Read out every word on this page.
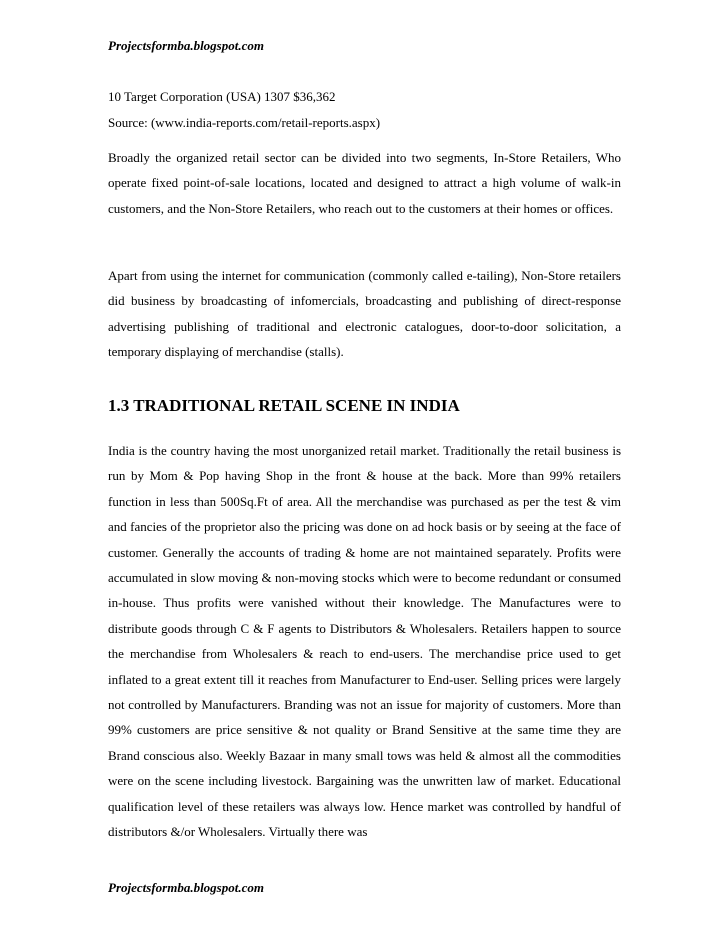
Projectsformba.blogspot.com
10 Target Corporation (USA) 1307 $36,362
Source: (www.india-reports.com/retail-reports.aspx)

Broadly the organized retail sector can be divided into two segments, In-Store Retailers, Who operate fixed point-of-sale locations, located and designed to attract a high volume of walk-in customers, and the Non-Store Retailers, who reach out to the customers at their homes or offices.

Apart from using the internet for communication (commonly called e-tailing), Non-Store retailers did business by broadcasting of infomercials, broadcasting and publishing of direct-response advertising publishing of traditional and electronic catalogues, door-to-door solicitation, a temporary displaying of merchandise (stalls).

1.3 TRADITIONAL RETAIL SCENE IN INDIA

India is the country having the most unorganized retail market. Traditionally the retail business is run by Mom & Pop having Shop in the front & house at the back. More than 99% retailers function in less than 500Sq.Ft of area. All the merchandise was purchased as per the test & vim and fancies of the proprietor also the pricing was done on ad hock basis or by seeing at the face of customer. Generally the accounts of trading & home are not maintained separately. Profits were accumulated in slow moving & non-moving stocks which were to become redundant or consumed in-house. Thus profits were vanished without their knowledge. The Manufactures were to distribute goods through C & F agents to Distributors & Wholesalers. Retailers happen to source the merchandise from Wholesalers & reach to end-users. The merchandise price used to get inflated to a great extent till it reaches from Manufacturer to End-user. Selling prices were largely not controlled by Manufacturers. Branding was not an issue for majority of customers. More than 99% customers are price sensitive & not quality or Brand Sensitive at the same time they are Brand conscious also. Weekly Bazaar in many small tows was held & almost all the commodities were on the scene including livestock. Bargaining was the unwritten law of market. Educational qualification level of these retailers was always low. Hence market was controlled by handful of distributors &/or Wholesalers. Virtually there was

Projectsformba.blogspot.com
